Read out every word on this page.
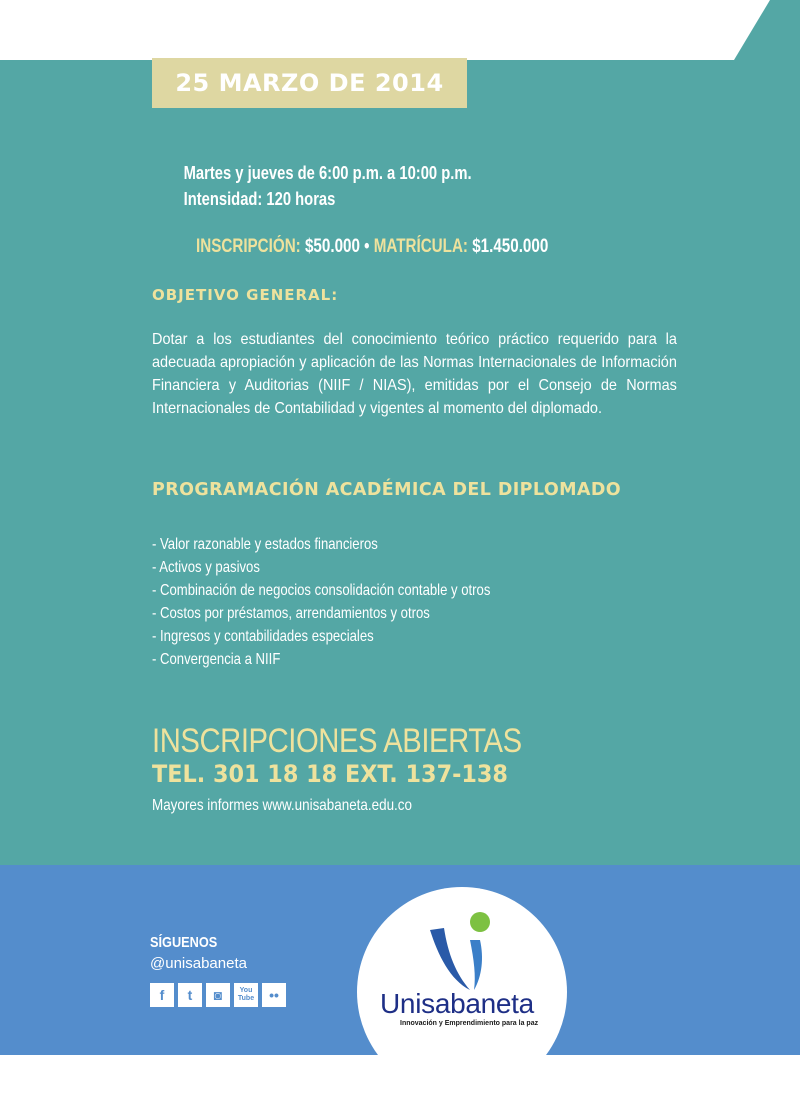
25 MARZO DE 2014
Martes y jueves de 6:00 p.m. a 10:00 p.m.
Intensidad: 120 horas
INSCRIPCIÓN: $50.000 • MATRÍCULA: $1.450.000
OBJETIVO GENERAL:
Dotar a los estudiantes del conocimiento teórico práctico requerido para la adecuada apropiación y aplicación de las Normas Internacionales de Información Financiera y Auditorias (NIIF / NIAS), emitidas por el Consejo de Normas Internacionales de Contabilidad y vigentes al momento del diplomado.
PROGRAMACIÓN ACADÉMICA DEL DIPLOMADO
- Valor razonable y estados financieros
- Activos y pasivos
- Combinación de negocios consolidación contable y otros
- Costos por préstamos, arrendamientos y otros
- Ingresos y contabilidades especiales
- Convergencia a NIIF
INSCRIPCIONES ABIERTAS
TEL. 301 18 18 EXT. 137-138
Mayores informes www.unisabaneta.edu.co
SÍGUENOS
@unisabaneta
f	t	◙	You Tube	••	Unisabaneta
Innovación y Emprendimiento para la paz
